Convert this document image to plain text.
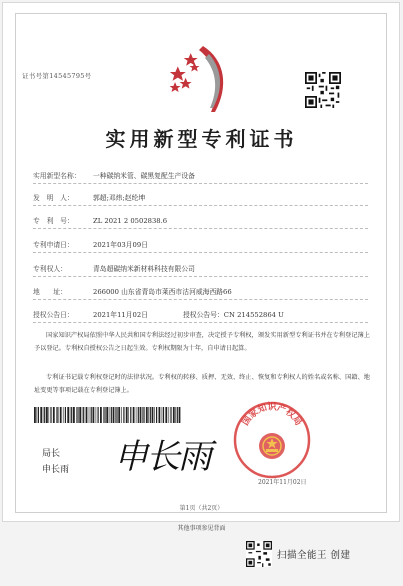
证书号第14545795号
实用新型专利证书
实用新型名称： 一种碳纳米管、碳黑复配生产设备
发　明　人：	郭超;邓炜;赵纶坤
专　利　号：	ZL 2021 2 0502838.6
专利申请日：	2021年03月09日
专利权人：	青岛超碳纳米新材料科技有限公司
地　　址：	266000 山东省青岛市莱西市沽河威海西路66
授权公告日：	2021年11月02日	授权公告号：CN 214552864 U
国家知识产权局依照中华人民共和国专利法经过初步审查，决定授予专利权，颁发实用新型专利证书并在专利登记簿上予以登记。专利权自授权公告之日起生效。专利权期限为十年，自申请日起算。
专利证书记载专利权登记时的法律状况。专利权的转移、质押、无效、终止、恢复和专利权人的姓名或名称、国籍、地址变更等事项记载在专利登记簿上。
局长
申长雨 申长雨
国家知识产权局
2021年11月02日
第1页（共2页）
其他事项参见背面
扫描全能王 创建
